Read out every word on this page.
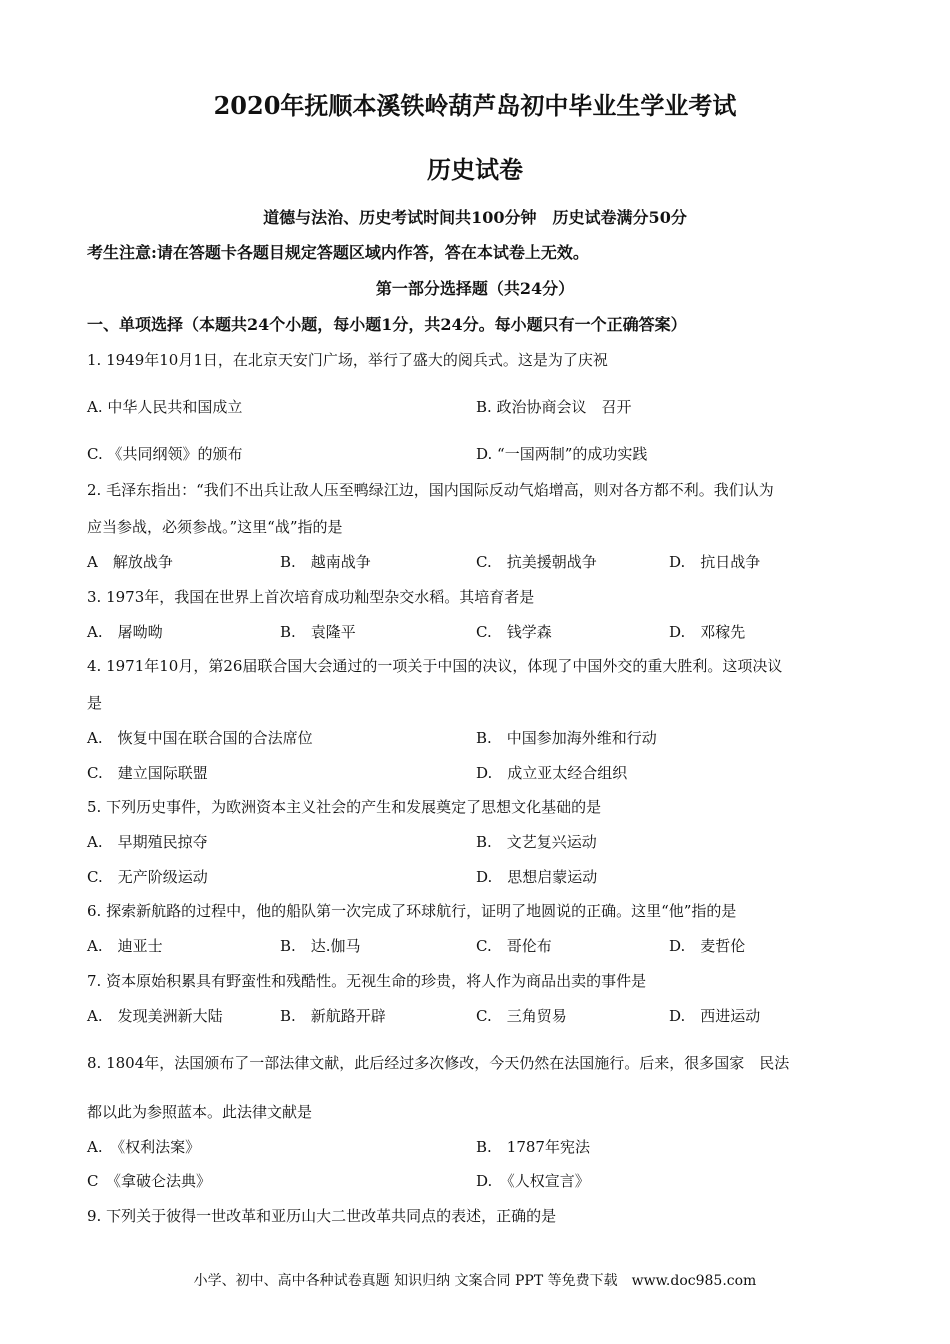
2020年抚顺本溪铁岭葫芦岛初中毕业生学业考试
历史试卷
道德与法治、历史考试时间共100分钟　历史试卷满分50分
考生注意:请在答题卡各题目规定答题区域内作答，答在本试卷上无效。
第一部分选择题（共24分）
一、单项选择（本题共24个小题，每小题1分，共24分。每小题只有一个正确答案）
1. 1949年10月1日，在北京天安门广场，举行了盛大的阅兵式。这是为了庆祝
A. 中华人民共和国成立	B. 政治协商会议　召开
C. 《共同纲领》的颁布	D. “一国两制”的成功实践
2. 毛泽东指出：“我们不出兵让敌人压至鸭绿江边，国内国际反动气焰增高，则对各方都不利。我们认为
应当参战，必须参战。”这里“战”指的是
A　解放战争	B.　越南战争	C.　抗美援朝战争	D.　抗日战争
3. 1973年，我国在世界上首次培育成功籼型杂交水稻。其培育者是
A.　屠呦呦	B.　袁隆平	C.　钱学森	D.　邓稼先
4. 1971年10月，第26届联合国大会通过的一项关于中国的决议，体现了中国外交的重大胜利。这项决议
是
A.　恢复中国在联合国的合法席位	B.　中国参加海外维和行动
C.　建立国际联盟	D.　成立亚太经合组织
5. 下列历史事件，为欧洲资本主义社会的产生和发展奠定了思想文化基础的是
A.　早期殖民掠夺	B.　文艺复兴运动
C.　无产阶级运动	D.　思想启蒙运动
6. 探索新航路的过程中，他的船队第一次完成了环球航行，证明了地圆说的正确。这里“他”指的是
A.　迪亚士	B.　达.伽马	C.　哥伦布	D.　麦哲伦
7. 资本原始积累具有野蛮性和残酷性。无视生命的珍贵，将人作为商品出卖的事件是
A.　发现美洲新大陆	B.　新航路开辟	C.　三角贸易	D.　西进运动
8. 1804年，法国颁布了一部法律文献，此后经过多次修改，今天仍然在法国施行。后来，很多国家　民法
都以此为参照蓝本。此法律文献是
A.　《权利法案》	B.　1787年宪法
C　《拿破仑法典》	D.　《人权宣言》
9. 下列关于彼得一世改革和亚历山大二世改革共同点的表述，正确的是
小学、初中、高中各种试卷真题 知识归纳 文案合同 PPT 等免费下载　www.doc985.com
